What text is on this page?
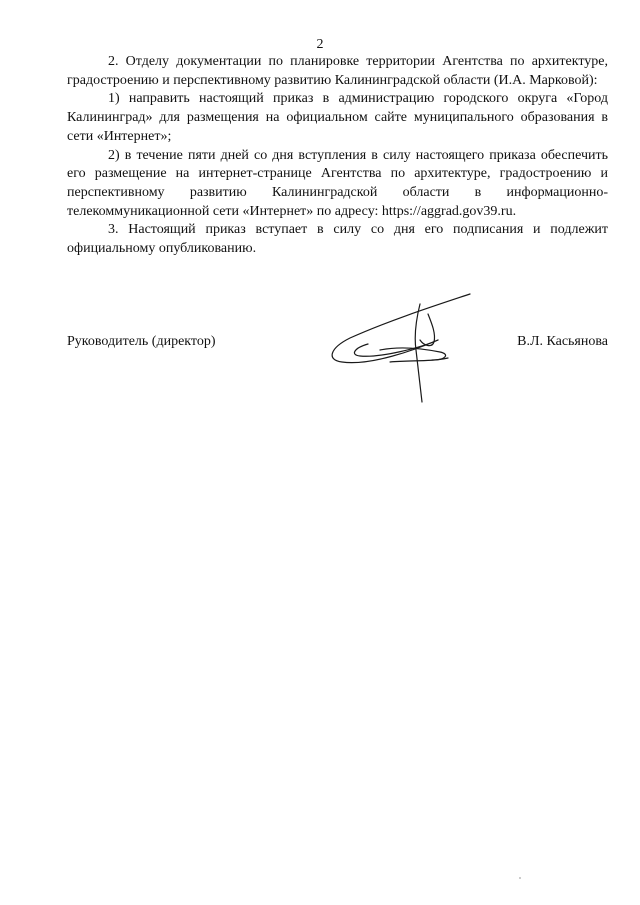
2

2. Отделу документации по планировке территории Агентства по архитектуре, градостроению и перспективному развитию Калининградской области (И.А. Марковой):

1) направить настоящий приказ в администрацию городского округа «Город Калининград» для размещения на официальном сайте муниципального образования в сети «Интернет»;

2) в течение пяти дней со дня вступления в силу настоящего приказа обеспечить его размещение на интернет-странице Агентства по архитектуре, градостроению и перспективному развитию Калининградской области в информационно-телекоммуникационной сети «Интернет» по адресу: https://aggrad.gov39.ru.

3. Настоящий приказ вступает в силу со дня его подписания и подлежит официальному опубликованию.

Руководитель (директор)	В.Л. Касьянова
